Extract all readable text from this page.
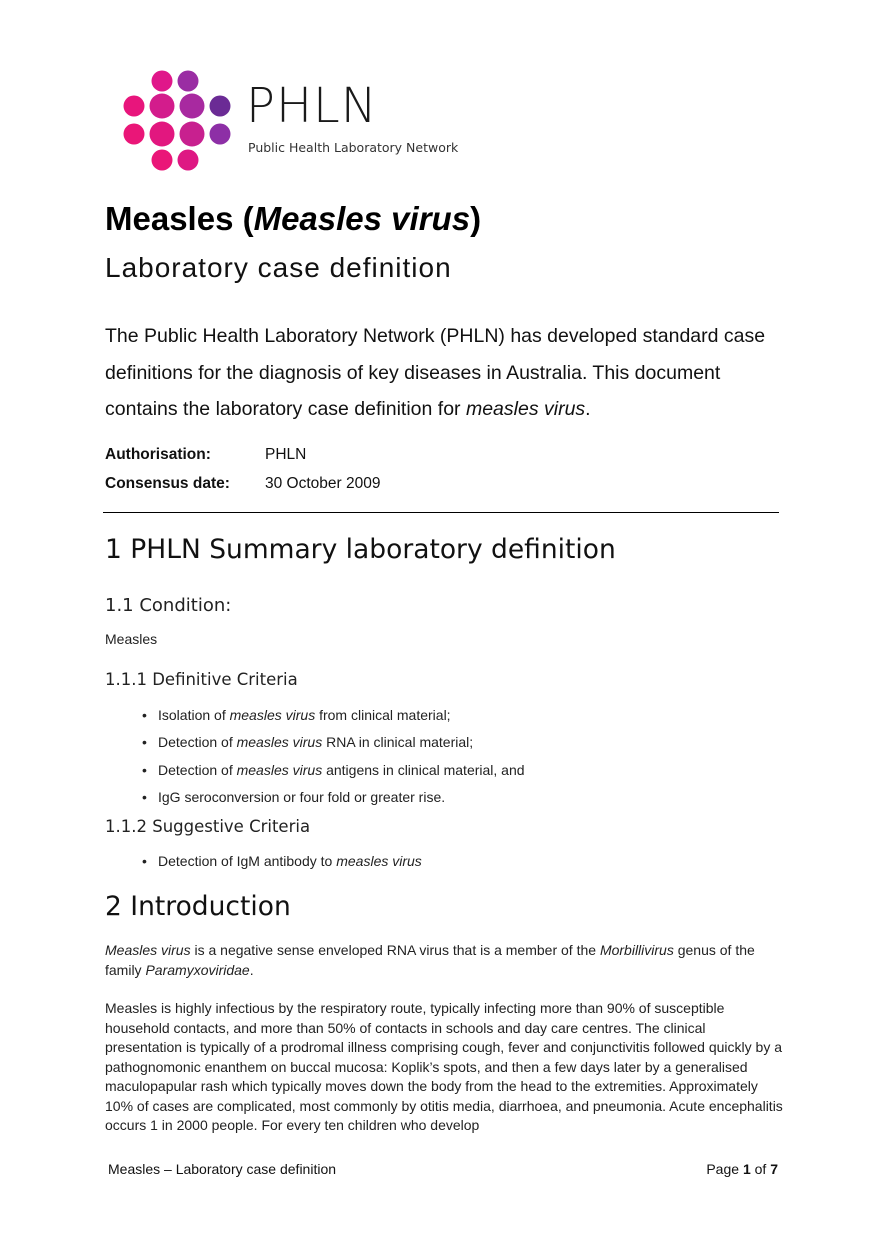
PHLN
Public Health Laboratory Network
Measles (Measles virus)
Laboratory case definition
The Public Health Laboratory Network (PHLN) has developed standard case definitions for the diagnosis of key diseases in Australia. This document contains the laboratory case definition for measles virus.
Authorisation:	PHLN
Consensus date: 30 October 2009
1 PHLN Summary laboratory definition
1.1 Condition:
Measles
1.1.1 Definitive Criteria
Isolation of measles virus from clinical material;
Detection of measles virus RNA in clinical material;
Detection of measles virus antigens in clinical material, and
IgG seroconversion or four fold or greater rise.
1.1.2 Suggestive Criteria
Detection of IgM antibody to measles virus
2 Introduction
Measles virus is a negative sense enveloped RNA virus that is a member of the Morbillivirus genus of the family Paramyxoviridae.
Measles is highly infectious by the respiratory route, typically infecting more than 90% of susceptible household contacts, and more than 50% of contacts in schools and day care centres. The clinical presentation is typically of a prodromal illness comprising cough, fever and conjunctivitis followed quickly by a pathognomonic enanthem on buccal mucosa: Koplik’s spots, and then a few days later by a generalised maculopapular rash which typically moves down the body from the head to the extremities. Approximately 10% of cases are complicated, most commonly by otitis media, diarrhoea, and pneumonia. Acute encephalitis occurs 1 in 2000 people. For every ten children who develop
Measles – Laboratory case definition	Page 1 of 7
